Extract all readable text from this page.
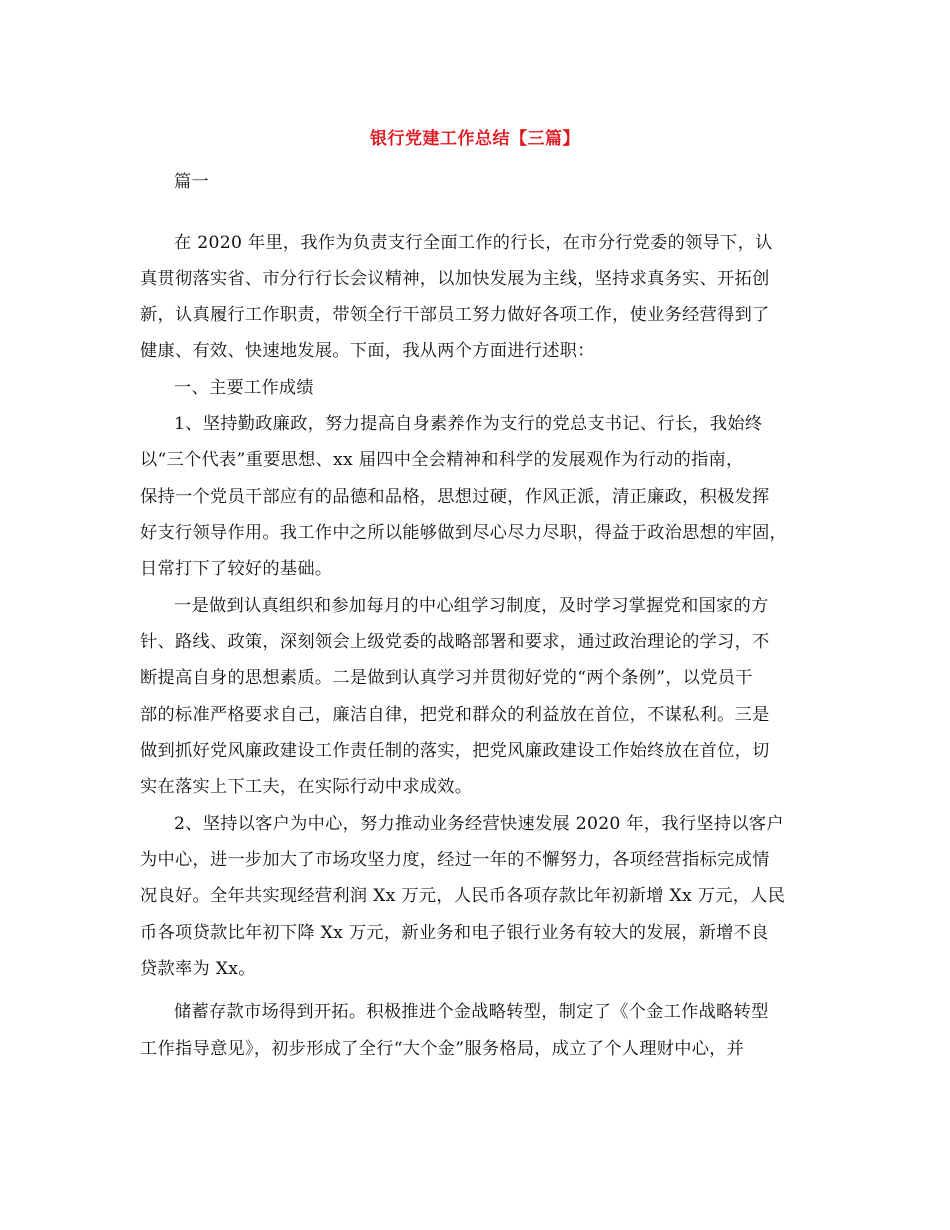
银行党建工作总结【三篇】
篇一
在 2020 年里，我作为负责支行全面工作的行长，在市分行党委的领导下，认
真贯彻落实省、市分行行长会议精神，以加快发展为主线，坚持求真务实、开拓创
新，认真履行工作职责，带领全行干部员工努力做好各项工作，使业务经营得到了
健康、有效、快速地发展。下面，我从两个方面进行述职：
一、主要工作成绩
1、坚持勤政廉政，努力提高自身素养作为支行的党总支书记、行长，我始终
以“三个代表”重要思想、xx 届四中全会精神和科学的发展观作为行动的指南，
保持一个党员干部应有的品德和品格，思想过硬，作风正派，清正廉政，积极发挥
好支行领导作用。我工作中之所以能够做到尽心尽力尽职，得益于政治思想的牢固，
日常打下了较好的基础。
一是做到认真组织和参加每月的中心组学习制度，及时学习掌握党和国家的方
针、路线、政策，深刻领会上级党委的战略部署和要求，通过政治理论的学习，不
断提高自身的思想素质。二是做到认真学习并贯彻好党的“两个条例”，以党员干
部的标准严格要求自己，廉洁自律，把党和群众的利益放在首位，不谋私利。三是
做到抓好党风廉政建设工作责任制的落实，把党风廉政建设工作始终放在首位，切
实在落实上下工夫，在实际行动中求成效。
2、坚持以客户为中心，努力推动业务经营快速发展 2020 年，我行坚持以客户
为中心，进一步加大了市场攻坚力度，经过一年的不懈努力，各项经营指标完成情
况良好。全年共实现经营利润 Xx 万元，人民币各项存款比年初新增 Xx 万元，人民
币各项贷款比年初下降 Xx 万元，新业务和电子银行业务有较大的发展，新增不良
贷款率为 Xx。
储蓄存款市场得到开拓。积极推进个金战略转型，制定了《个金工作战略转型
工作指导意见》，初步形成了全行“大个金”服务格局，成立了个人理财中心，并
